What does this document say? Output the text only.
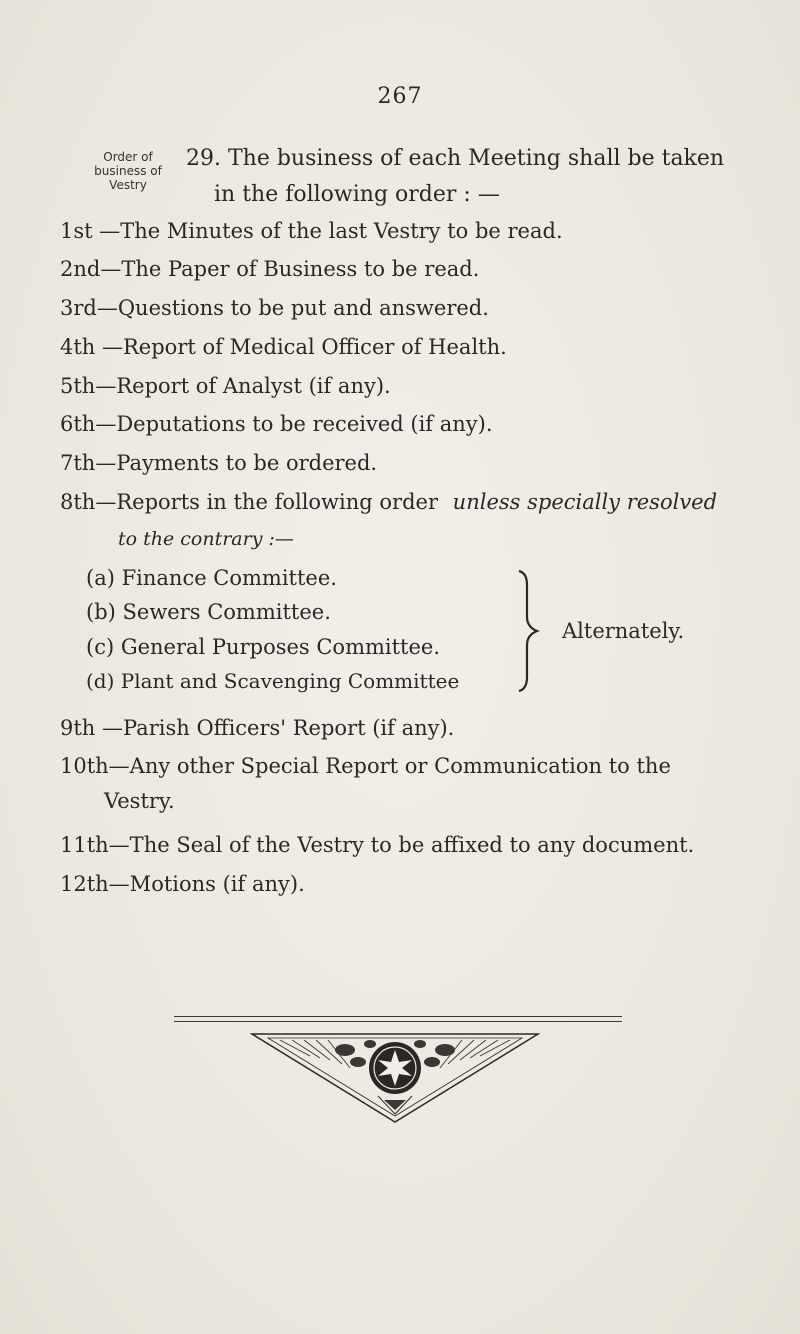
267
Order of
business of
Vestry
29. The business of each Meeting shall be taken
in the following order : —
1st —The Minutes of the last Vestry to be read.
2nd—The Paper of Business to be read.
3rd—Questions to be put and answered.
4th —Report of Medical Officer of Health.
5th—Report of Analyst (if any).
6th—Deputations to be received (if any).
7th—Payments to be ordered.
8th—Reports in the following order unless specially resolved
to the contrary :—
(a) Finance Committee.
(b) Sewers Committee.
(c) General Purposes Committee.
(d) Plant and Scavenging Committee
Alternately.
9th —Parish Officers' Report (if any).
10th—Any other Special Report or Communication to the
Vestry.
11th—The Seal of the Vestry to be affixed to any document.
12th—Motions (if any).
